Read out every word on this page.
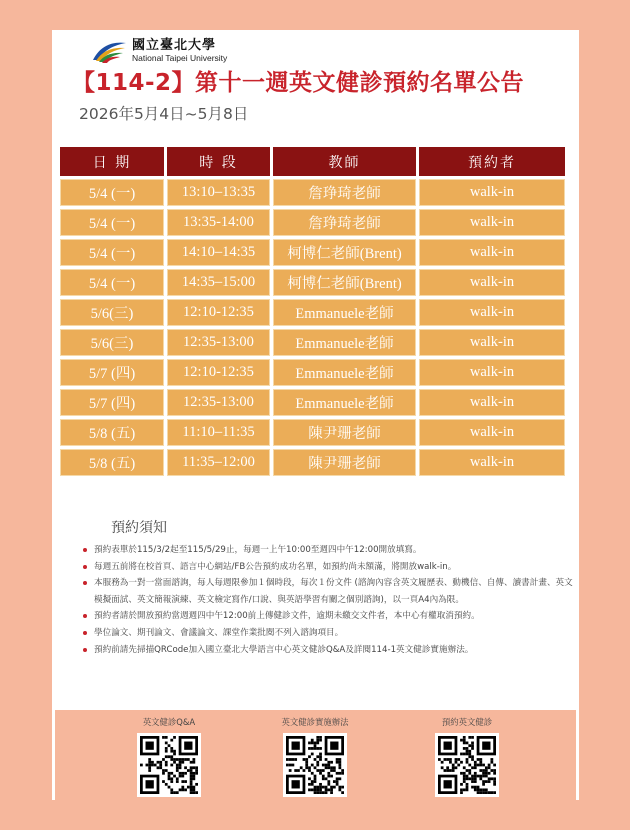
國立臺北大學
National Taipei University
【114-2】第十一週英文健診預約名單公告
2026年5月4日~5月8日
日 期	時 段	教師	預約者
5/4 (一)	13:10–13:35	詹琤琦老師	walk-in
5/4 (一)	13:35-14:00	詹琤琦老師	walk-in
5/4 (一)	14:10–14:35	柯博仁老師(Brent)	walk-in
5/4 (一)	14:35–15:00	柯博仁老師(Brent)	walk-in
5/6(三)	12:10-12:35	Emmanuele老師	walk-in
5/6(三)	12:35-13:00	Emmanuele老師	walk-in
5/7 (四)	12:10-12:35	Emmanuele老師	walk-in
5/7 (四)	12:35-13:00	Emmanuele老師	walk-in
5/8 (五)	11:10–11:35	陳尹珊老師	walk-in
5/8 (五)	11:35–12:00	陳尹珊老師	walk-in
預約須知
預約表單於115/3/2起至115/5/29止，每週一上午10:00至週四中午12:00開放填寫。
每週五前將在校首頁、語言中心網站/FB公告預約成功名單，如預約尚未額滿，將開放walk-in。
本服務為一對一當面諮詢，每人每週限參加１個時段，每次１份文件 (諮詢內容含英文履歷表、動機信、自傳、讀書計畫、英文模擬面試、英文簡報演練、英文檢定寫作/口說、與英語學習有關之個別諮詢)，以一頁A4內為限。
預約者請於開放預約當週週四中午12:00前上傳健診文件，逾期未繳交文件者，本中心有權取消預約。
學位論文、期刊論文、會議論文、課堂作業批閱不列入諮詢項目。
預約前請先掃描QRCode加入國立臺北大學語言中心英文健診Q&A及詳閱114-1英文健診實施辦法。
英文健診Q&A	英文健診實施辦法	預約英文健診
